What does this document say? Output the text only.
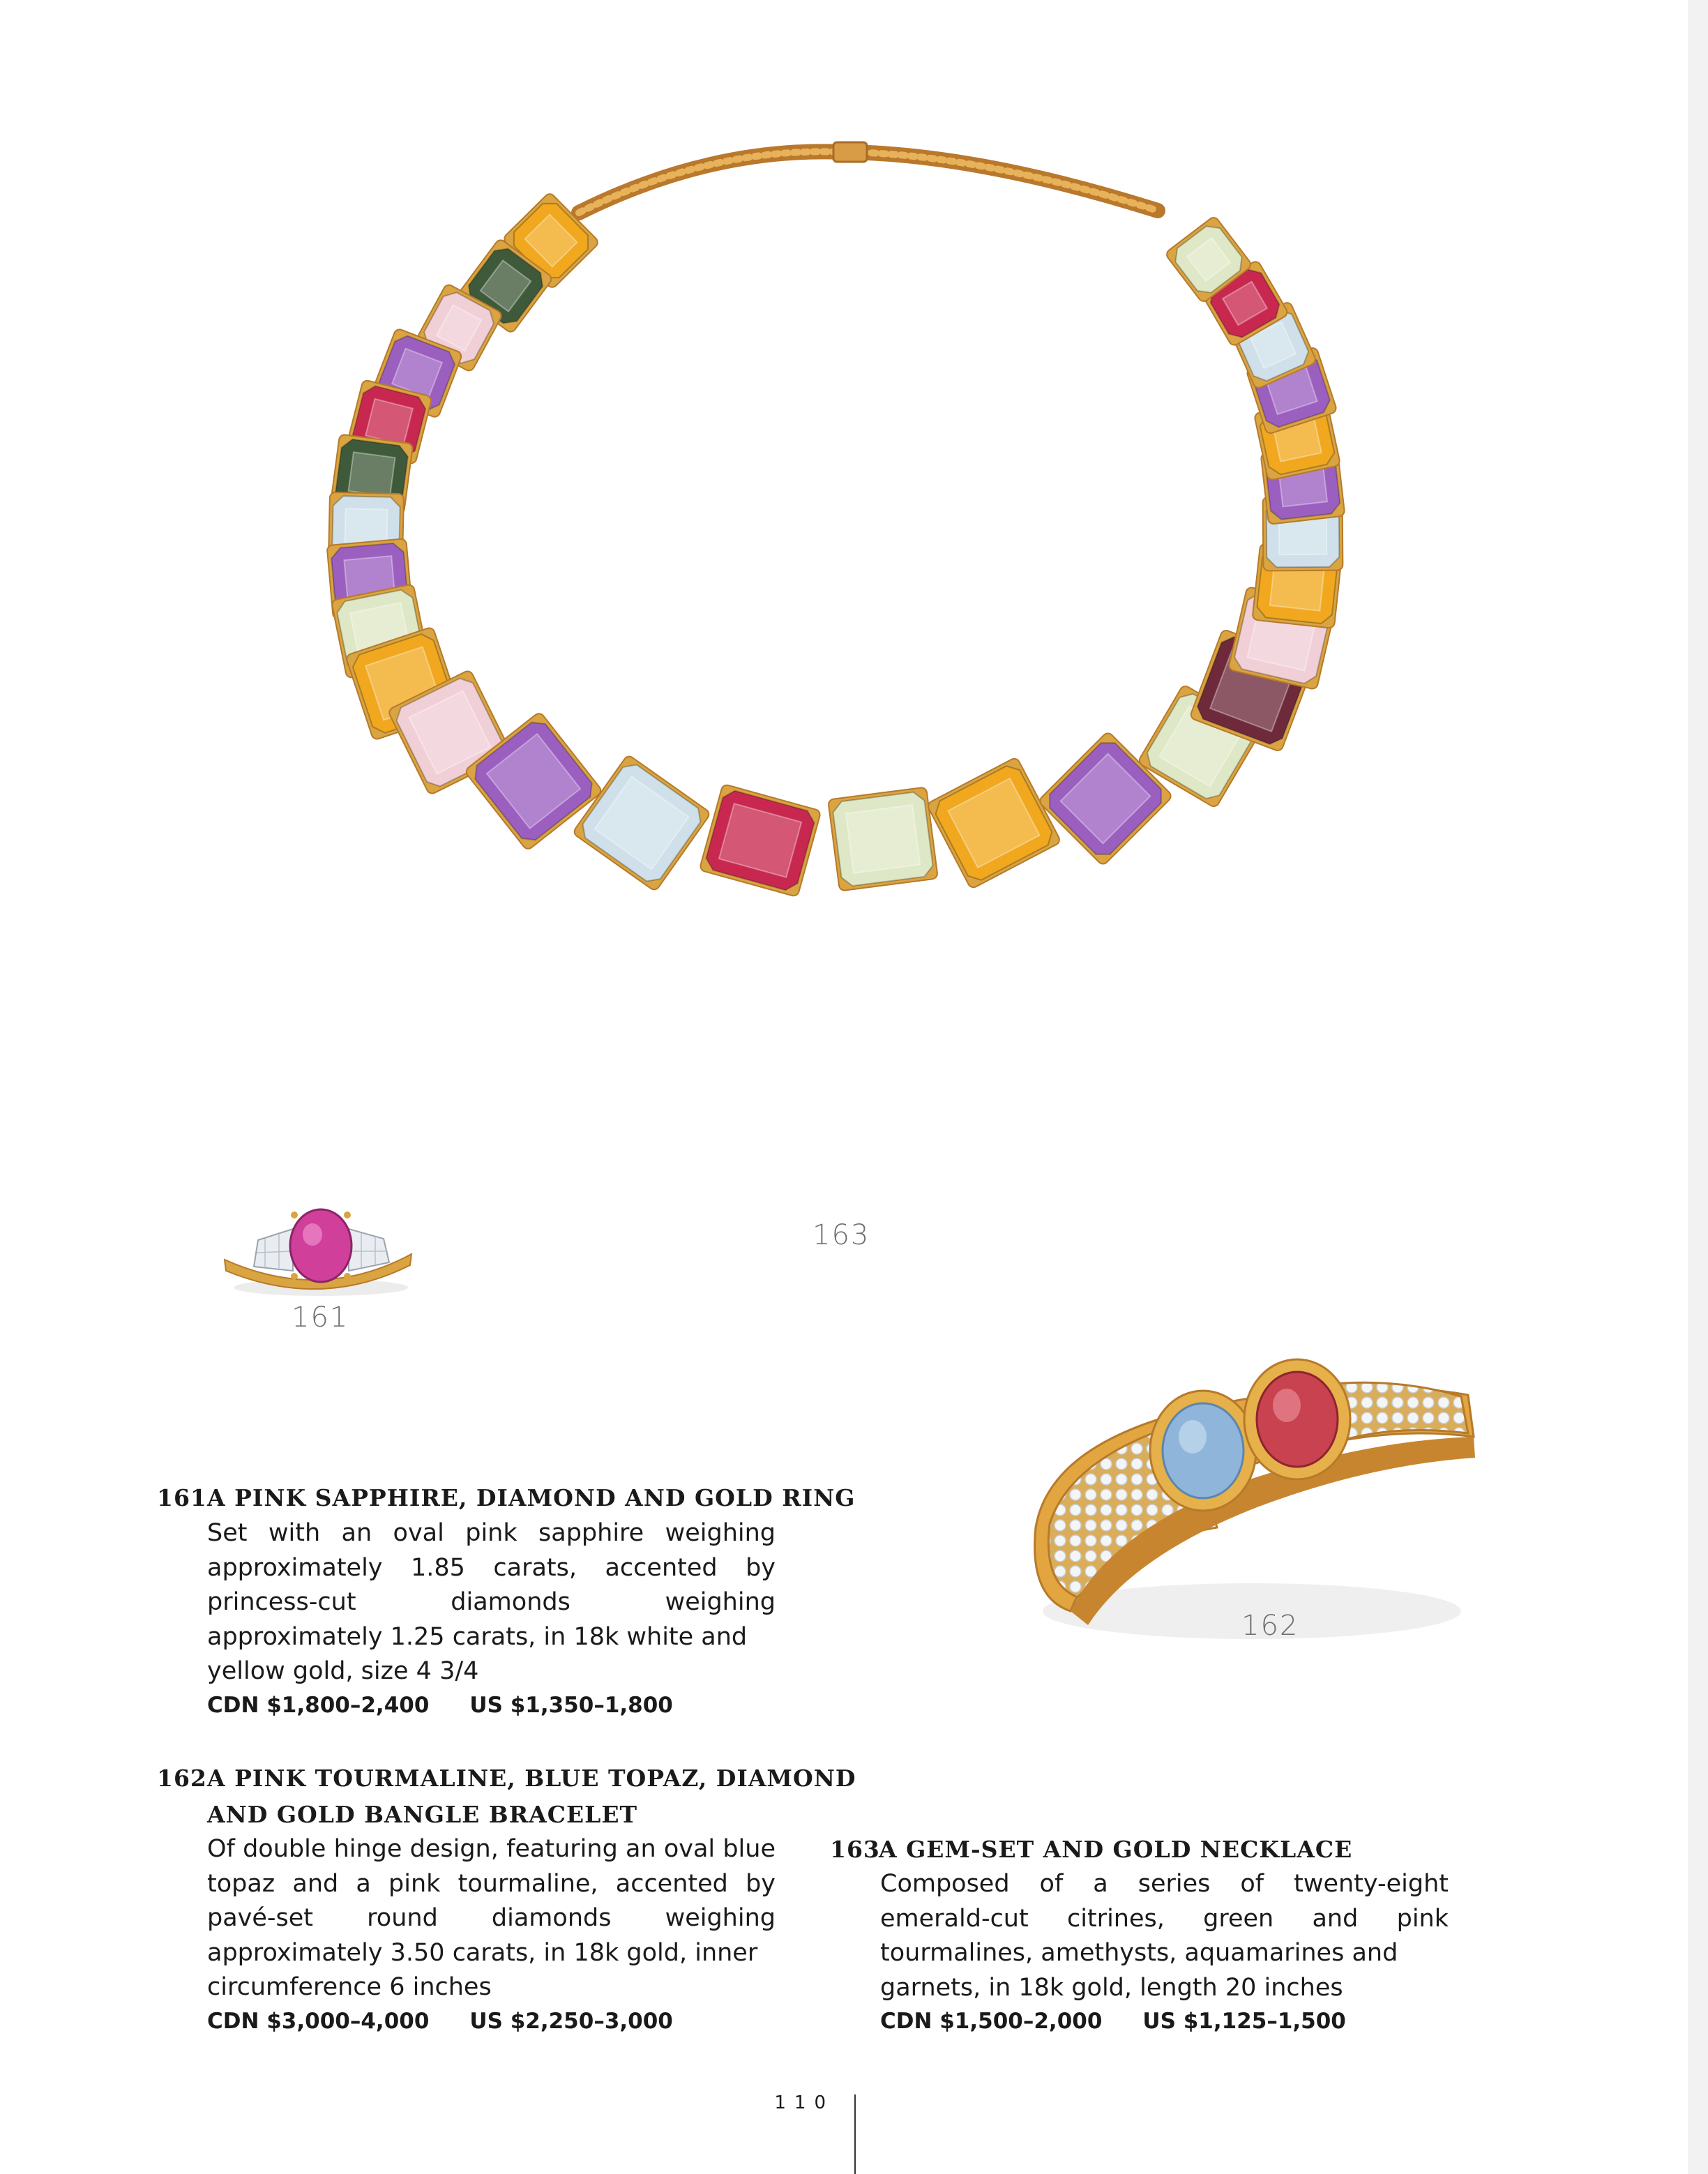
163
161
162
161A PINK SAPPHIRE, DIAMOND AND GOLD RING
Set with an oval pink sapphire weighing approximately 1.85 carats, accented by princess-cut diamonds weighing approximately 1.25 carats, in 18k white and
yellow gold, size 4 3/4
CDN $1,800–2,400 US $1,350–1,800
162A PINK TOURMALINE, BLUE TOPAZ, DIAMOND
AND GOLD BANGLE BRACELET
Of double hinge design, featuring an oval blue topaz and a pink tourmaline, accented by pavé-set round diamonds weighing approximately 3.50 carats, in 18k gold, inner
circumference 6 inches
CDN $3,000–4,000 US $2,250–3,000
163A GEM-SET AND GOLD NECKLACE
Composed of a series of twenty-eight emerald-cut citrines, green and pink tourmalines, amethysts, aquamarines and
garnets, in 18k gold, length 20 inches
CDN $1,500–2,000 US $1,125–1,500
110
